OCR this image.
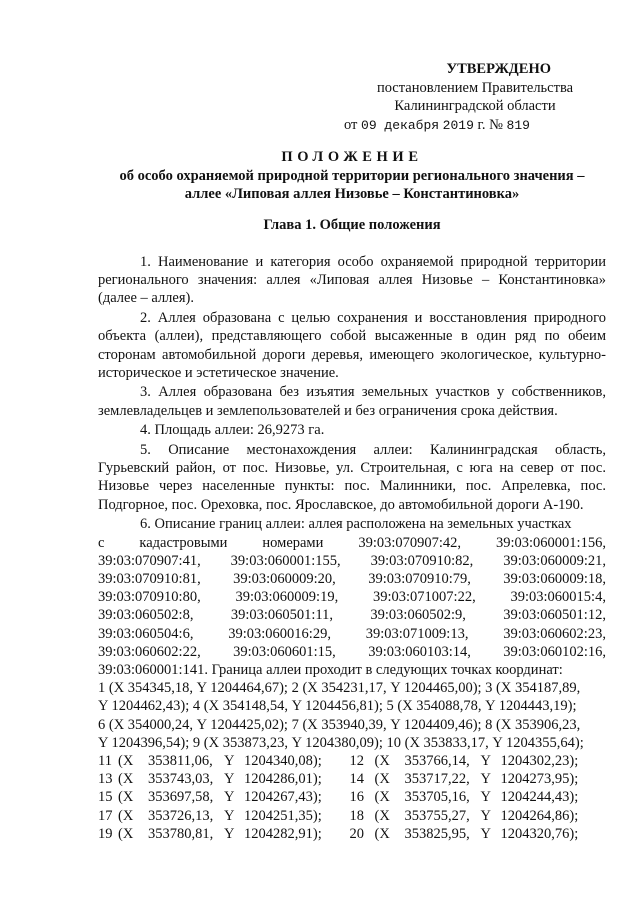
УТВЕРЖДЕНО
постановлением Правительства
Калининградской области
от 09 декабря 2019 г. № 819
ПОЛОЖЕНИЕ
об особо охраняемой природной территории регионального значения –
аллее «Липовая аллея Низовье – Константиновка»
Глава 1. Общие положения

1. Наименование и категория особо охраняемой природной территории регионального значения: аллея «Липовая аллея Низовье – Константиновка» (далее – аллея).

2. Аллея образована с целью сохранения и восстановления природного объекта (аллеи), представляющего собой высаженные в один ряд по обеим сторонам автомобильной дороги деревья, имеющего экологическое, культурно-историческое и эстетическое значение.

3. Аллея образована без изъятия земельных участков у собственников, землевладельцев и землепользователей и без ограничения срока действия.

4. Площадь аллеи: 26,9273 га.

5. Описание местонахождения аллеи: Калининградская область, Гурьевский район, от пос. Низовье, ул. Строительная, с юга на север от пос. Низовье через населенные пункты: пос. Малинники, пос. Апрелевка, пос. Подгорное, пос. Ореховка, пос. Ярославское, до автомобильной дороги А-190.

6. Описание границ аллеи: аллея расположена на земельных участках
с кадастровыми номерами 39:03:070907:42, 39:03:060001:156,
39:03:070907:41, 39:03:060001:155, 39:03:070910:82, 39:03:060009:21,
39:03:070910:81, 39:03:060009:20, 39:03:070910:79, 39:03:060009:18,
39:03:070910:80, 39:03:060009:19, 39:03:071007:22, 39:03:060015:4,
39:03:060502:8,	39:03:060501:11,	39:03:060502:9,	39:03:060501:12,
39:03:060504:6, 39:03:060016:29, 39:03:071009:13, 39:03:060602:23,
39:03:060602:22, 39:03:060601:15, 39:03:060103:14, 39:03:060102:16,
39:03:060001:141. Граница аллеи проходит в следующих точках координат:
1 (Х 354345,18, Y 1204464,67); 2 (Х 354231,17, Y 1204465,00); 3 (Х 354187,89,
Y 1204462,43); 4 (Х 354148,54, Y 1204456,81); 5 (Х 354088,78, Y 1204443,19);
6 (Х 354000,24, Y 1204425,02); 7 (Х 353940,39, Y 1204409,46); 8 (Х 353906,23,
Y 1204396,54); 9 (Х 353873,23, Y 1204380,09); 10 (Х 353833,17, Y 1204355,64);
11 (Х	353811,06, Y 1204340,08);	12 (Х	353766,14, Y 1204302,23);
13 (Х	353743,03, Y 1204286,01);	14 (Х	353717,22, Y 1204273,95);
15 (Х	353697,58, Y 1204267,43);	16 (Х	353705,16, Y 1204244,43);
17 (Х	353726,13, Y 1204251,35);	18 (Х	353755,27, Y 1204264,86);
19 (Х	353780,81, Y 1204282,91);	20 (Х	353825,95, Y 1204320,76);
